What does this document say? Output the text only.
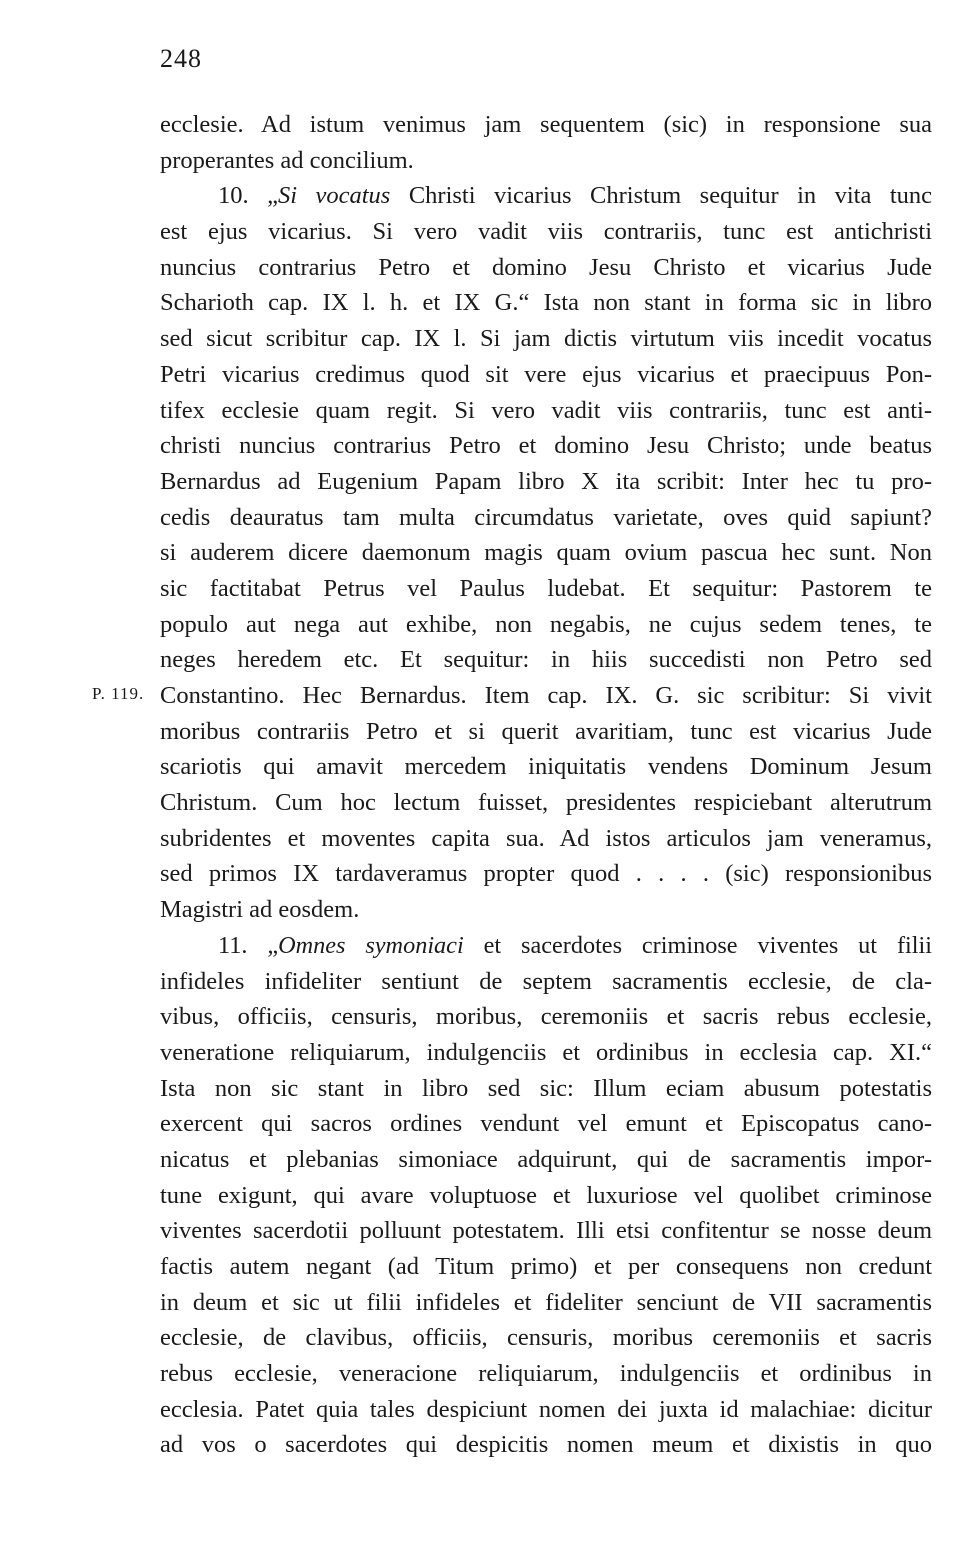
248
P. 119.
ecclesie. Ad istum venimus jam sequentem (sic) in responsione sua
properantes ad concilium.
10. „Si vocatus Christi vicarius Christum sequitur in vita tunc
est ejus vicarius. Si vero vadit viis contrariis, tunc est antichristi
nuncius contrarius Petro et domino Jesu Christo et vicarius Jude
Scharioth cap. IX l. h. et IX G.“ Ista non stant in forma sic in libro
sed sicut scribitur cap. IX l. Si jam dictis virtutum viis incedit vocatus
Petri vicarius credimus quod sit vere ejus vicarius et praecipuus Pon-
tifex ecclesie quam regit. Si vero vadit viis contrariis, tunc est anti-
christi nuncius contrarius Petro et domino Jesu Christo; unde beatus
Bernardus ad Eugenium Papam libro X ita scribit: Inter hec tu pro-
cedis deauratus tam multa circumdatus varietate, oves quid sapiunt?
si auderem dicere daemonum magis quam ovium pascua hec sunt. Non
sic factitabat Petrus vel Paulus ludebat. Et sequitur: Pastorem te
populo aut nega aut exhibe, non negabis, ne cujus sedem tenes, te
neges heredem etc. Et sequitur: in hiis succedisti non Petro sed
Constantino. Hec Bernardus. Item cap. IX. G. sic scribitur: Si vivit
moribus contrariis Petro et si querit avaritiam, tunc est vicarius Jude
scariotis qui amavit mercedem iniquitatis vendens Dominum Jesum
Christum. Cum hoc lectum fuisset, presidentes respiciebant alterutrum
subridentes et moventes capita sua. Ad istos articulos jam veneramus,
sed primos IX tardaveramus propter quod . . . . (sic) responsionibus
Magistri ad eosdem.
11. „Omnes symoniaci et sacerdotes criminose viventes ut filii
infideles infideliter sentiunt de septem sacramentis ecclesie, de cla-
vibus, officiis, censuris, moribus, ceremoniis et sacris rebus ecclesie,
veneratione reliquiarum, indulgenciis et ordinibus in ecclesia cap. XI.“
Ista non sic stant in libro sed sic: Illum eciam abusum potestatis
exercent qui sacros ordines vendunt vel emunt et Episcopatus cano-
nicatus et plebanias simoniace adquirunt, qui de sacramentis impor-
tune exigunt, qui avare voluptuose et luxuriose vel quolibet criminose
viventes sacerdotii polluunt potestatem. Illi etsi confitentur se nosse deum
factis autem negant (ad Titum primo) et per consequens non credunt
in deum et sic ut filii infideles et fideliter senciunt de VII sacramentis
ecclesie, de clavibus, officiis, censuris, moribus ceremoniis et sacris
rebus ecclesie, veneracione reliquiarum, indulgenciis et ordinibus in
ecclesia. Patet quia tales despiciunt nomen dei juxta id malachiae: dicitur
ad vos o sacerdotes qui despicitis nomen meum et dixistis in quo
